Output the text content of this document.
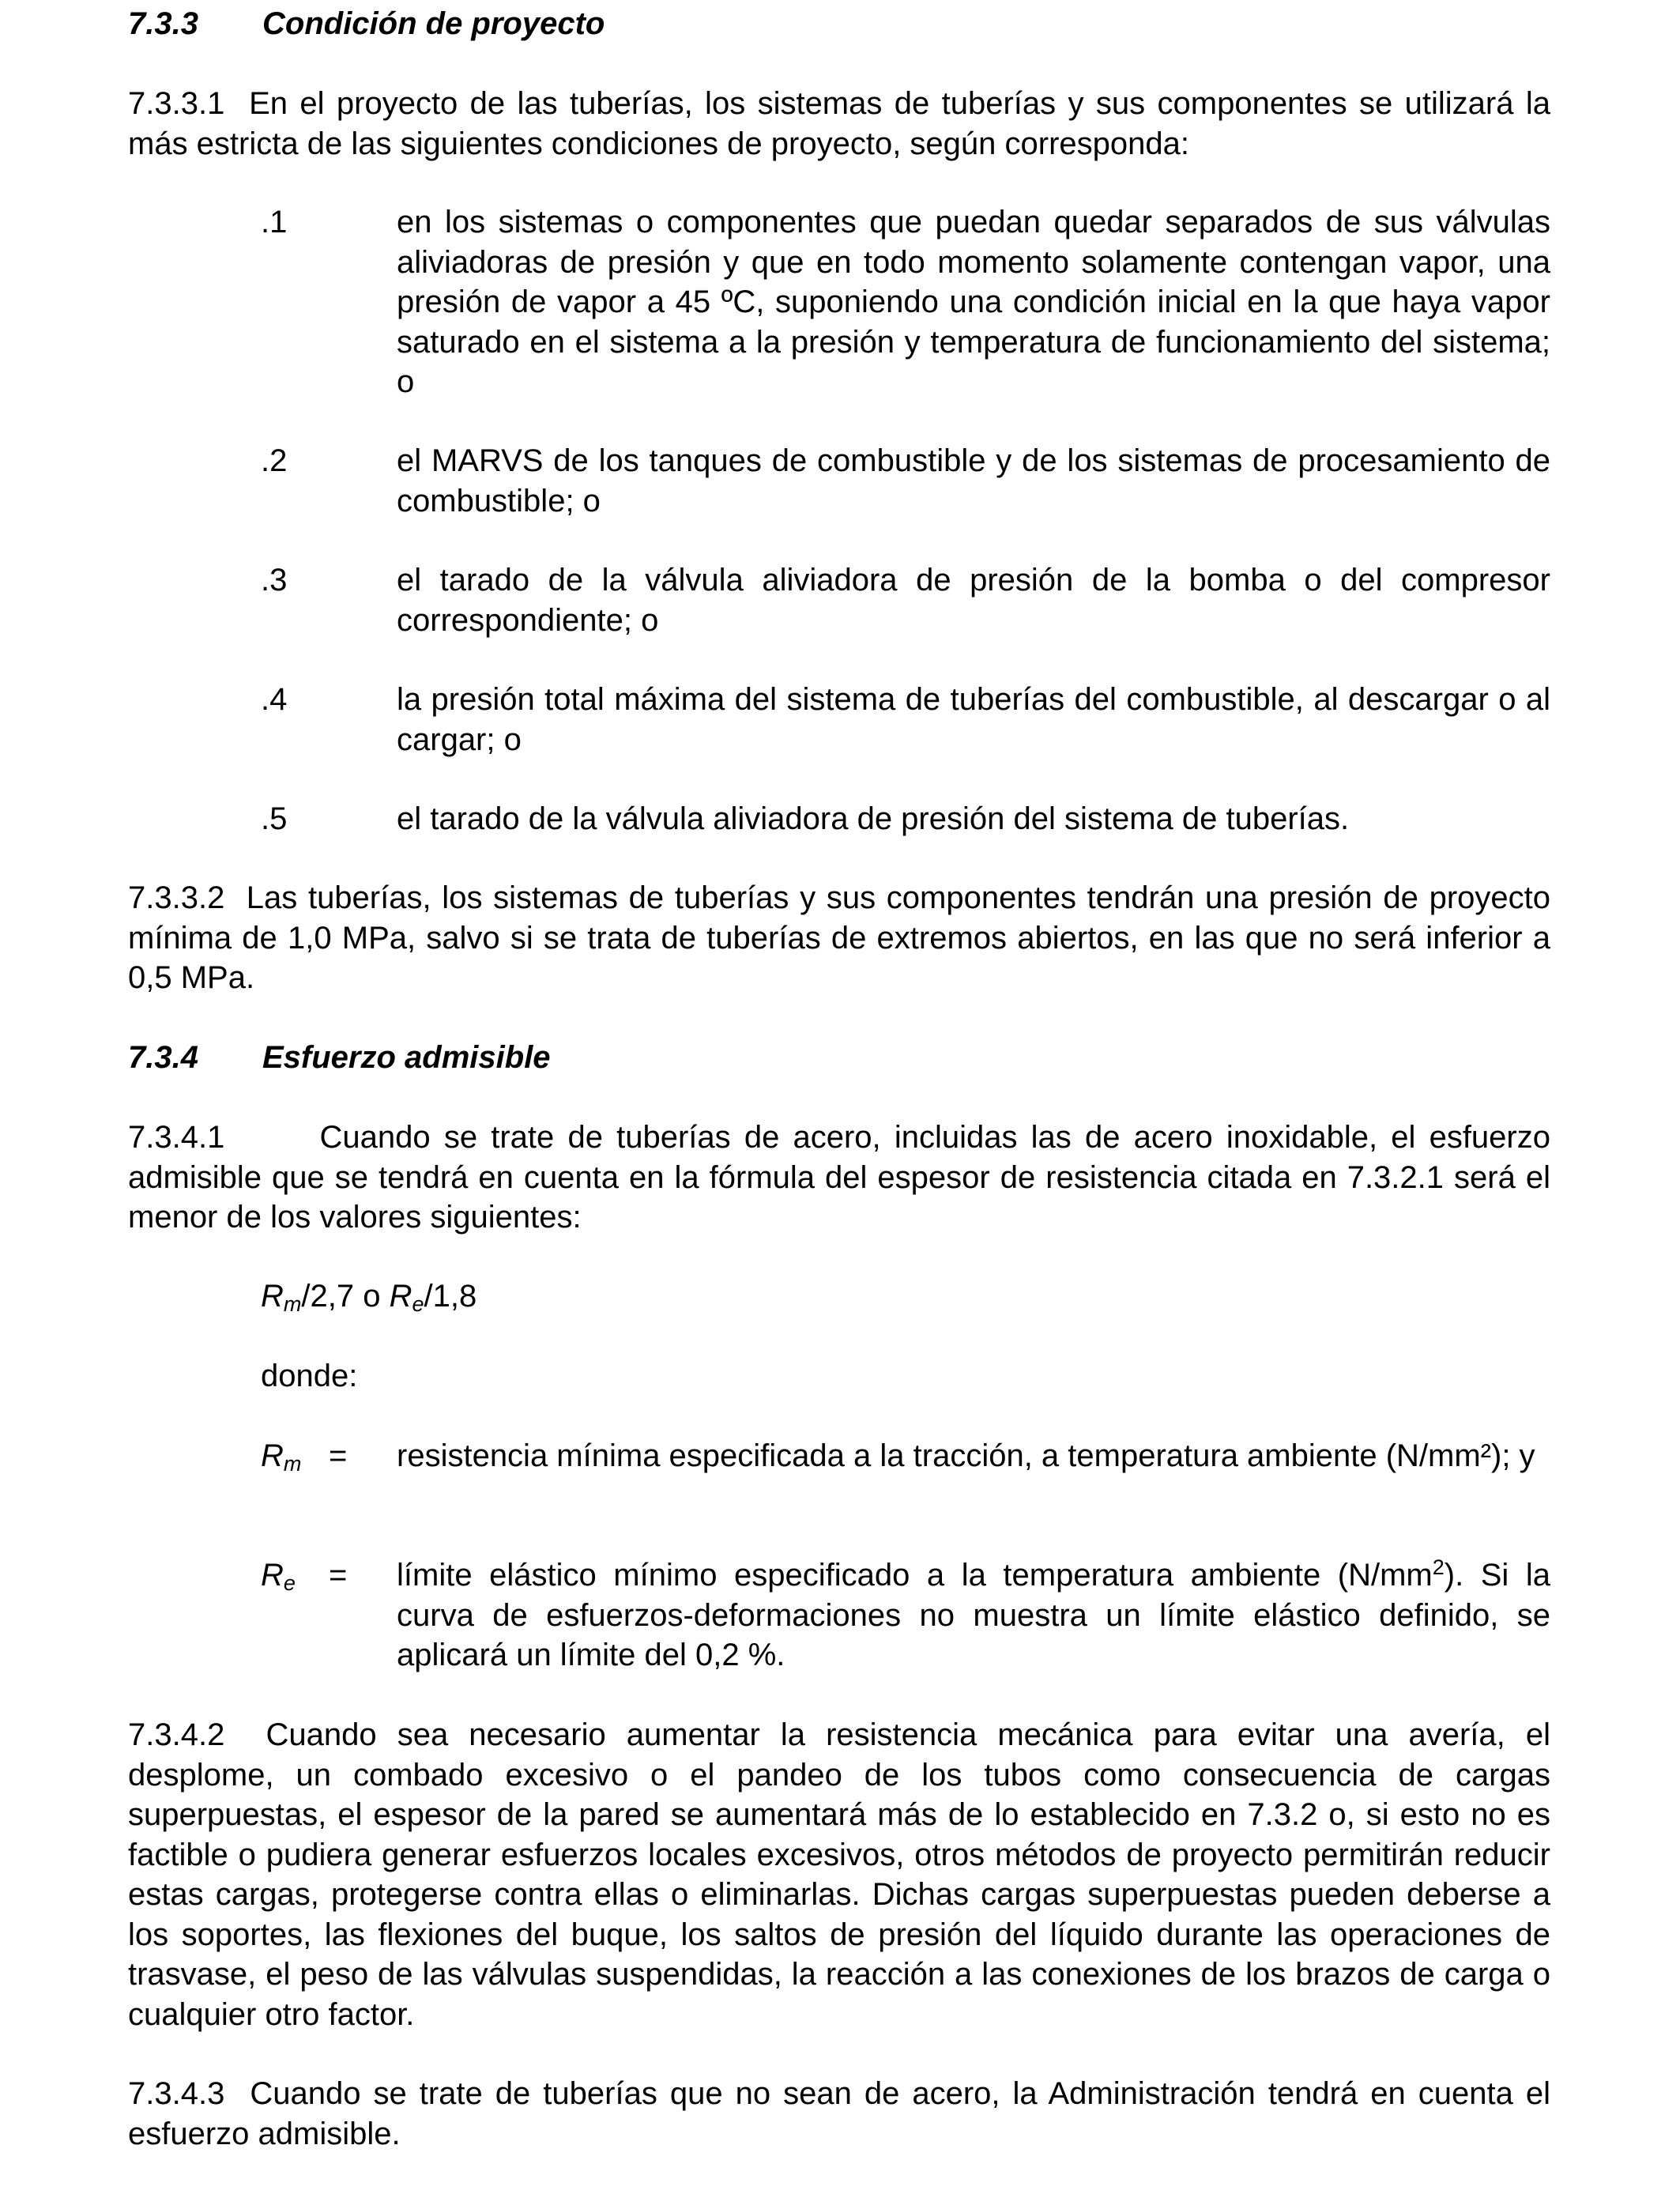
7.3.3 Condición de proyecto
7.3.3.1 En el proyecto de las tuberías, los sistemas de tuberías y sus componentes se utilizará la más estricta de las siguientes condiciones de proyecto, según corresponda:
.1	en los sistemas o componentes que puedan quedar separados de sus válvulas aliviadoras de presión y que en todo momento solamente contengan vapor, una presión de vapor a 45 ºC, suponiendo una condición inicial en la que haya vapor saturado en el sistema a la presión y temperatura de funcionamiento del sistema; o
.2	el MARVS de los tanques de combustible y de los sistemas de procesamiento de combustible; o
.3	el tarado de la válvula aliviadora de presión de la bomba o del compresor correspondiente; o
.4	la presión total máxima del sistema de tuberías del combustible, al descargar o al cargar; o
.5	el tarado de la válvula aliviadora de presión del sistema de tuberías.
7.3.3.2 Las tuberías, los sistemas de tuberías y sus componentes tendrán una presión de proyecto mínima de 1,0 MPa, salvo si se trata de tuberías de extremos abiertos, en las que no será inferior a 0,5 MPa.
7.3.4 Esfuerzo admisible
7.3.4.1	Cuando se trate de tuberías de acero, incluidas las de acero inoxidable, el esfuerzo admisible que se tendrá en cuenta en la fórmula del espesor de resistencia citada en 7.3.2.1 será el menor de los valores siguientes:
$R_m/2,7$ o $R_e/1,8$
donde:
$R_m$ = resistencia mínima especificada a la tracción, a temperatura ambiente (N/mm²); y
$R_e$ = límite elástico mínimo especificado a la temperatura ambiente $(N/mm^2)$. Si la curva de esfuerzos-deformaciones no muestra un límite elástico definido, se aplicará un límite del 0,2 %.
7.3.4.2 Cuando sea necesario aumentar la resistencia mecánica para evitar una avería, el desplome, un combado excesivo o el pandeo de los tubos como consecuencia de cargas superpuestas, el espesor de la pared se aumentará más de lo establecido en 7.3.2 o, si esto no es factible o pudiera generar esfuerzos locales excesivos, otros métodos de proyecto permitirán reducir estas cargas, protegerse contra ellas o eliminarlas. Dichas cargas superpuestas pueden deberse a los soportes, las flexiones del buque, los saltos de presión del líquido durante las operaciones de trasvase, el peso de las válvulas suspendidas, la reacción a las conexiones de los brazos de carga o cualquier otro factor.
7.3.4.3 Cuando se trate de tuberías que no sean de acero, la Administración tendrá en cuenta el esfuerzo admisible.
